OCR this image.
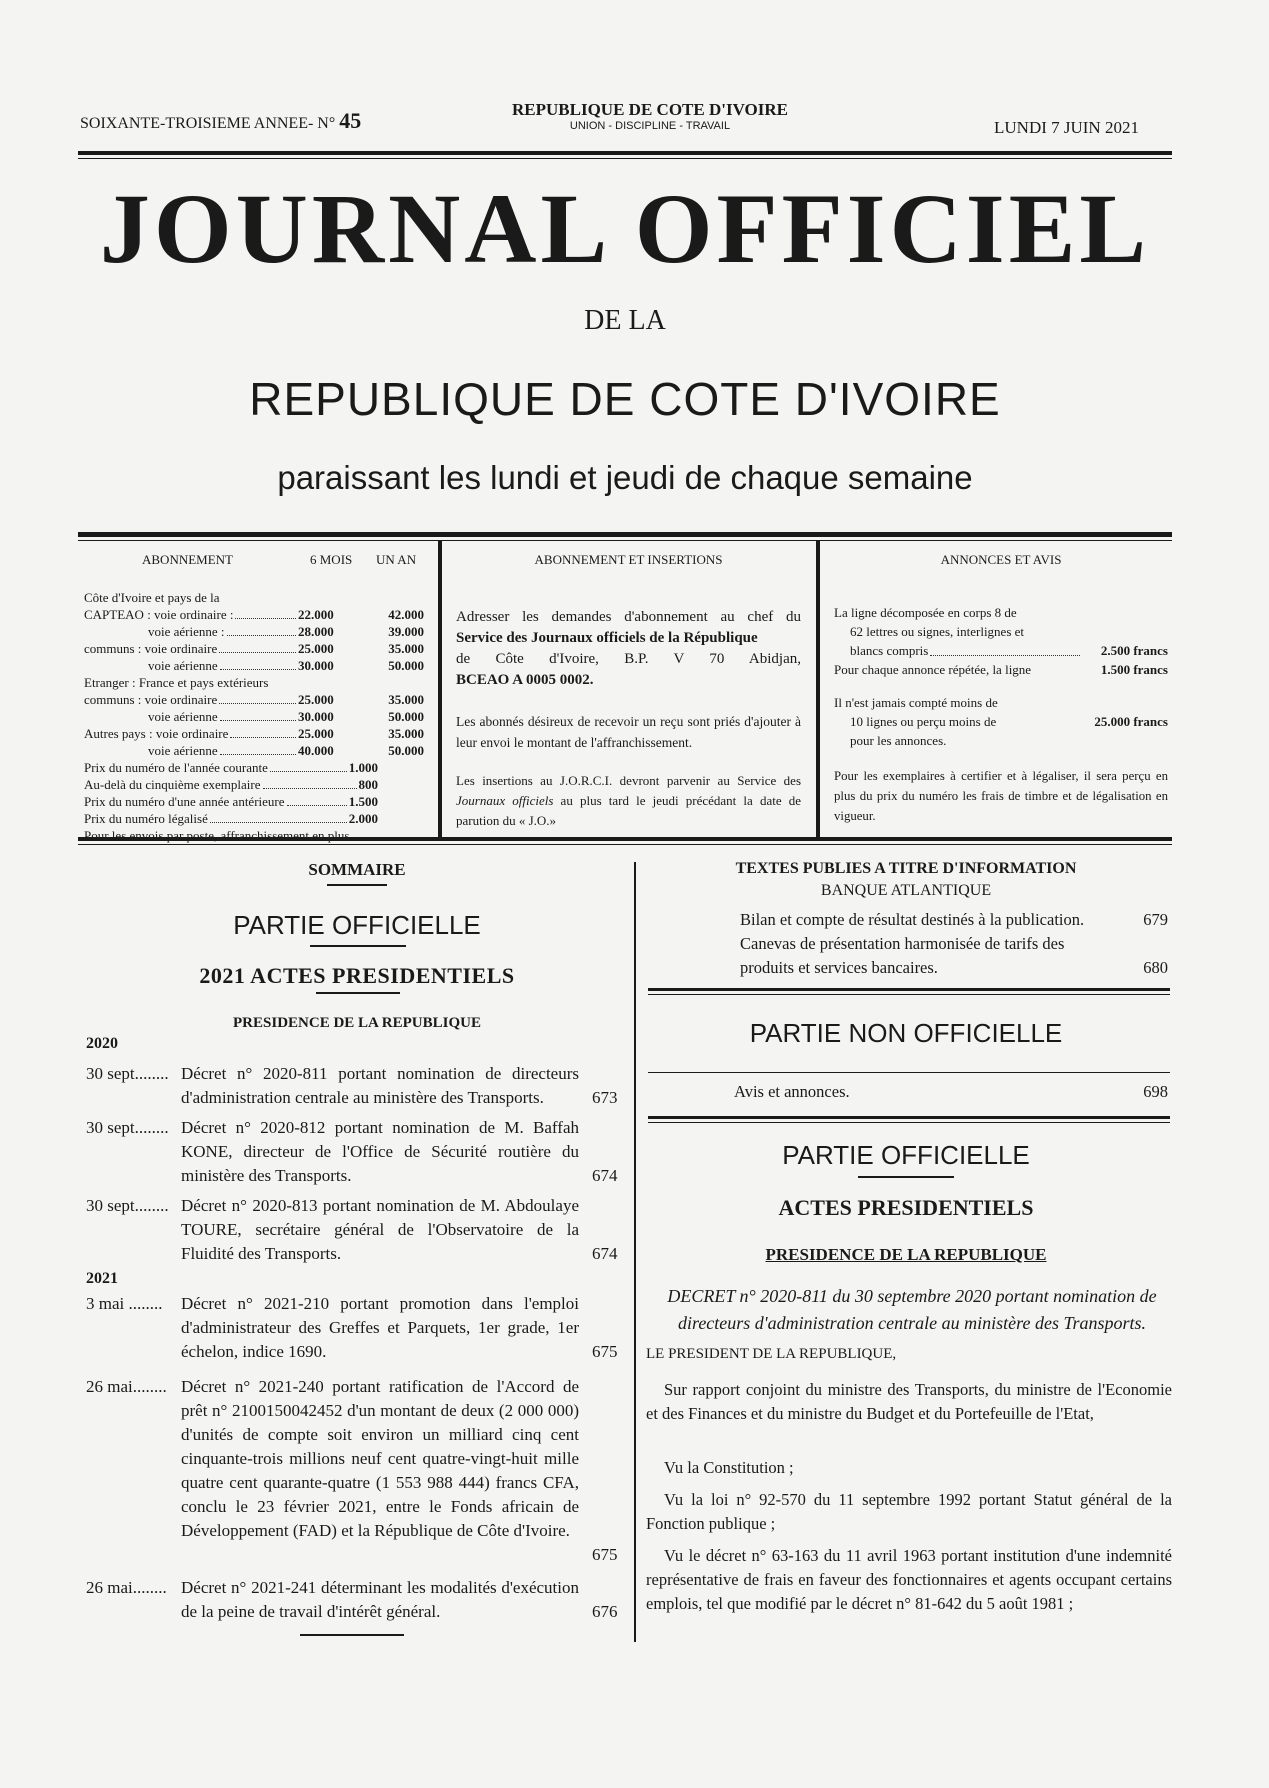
SOIXANTE-TROISIEME ANNEE- N° 45	REPUBLIQUE DE COTE D'IVOIRE
UNION - DISCIPLINE - TRAVAIL	LUNDI 7 JUIN 2021
JOURNAL OFFICIEL
DE LA
REPUBLIQUE DE COTE D'IVOIRE
paraissant les lundi et jeudi de chaque semaine
ABONNEMENT	6 MOIS UN AN
Côte d'Ivoire et pays de la
CAPTEAO : voie ordinaire :	22.000	42.000
voie aérienne :	28.000	39.000
communs : voie ordinaire	25.000	35.000
voie aérienne	30.000	50.000
Etranger : France et pays extérieurs
communs : voie ordinaire	25.000	35.000
voie aérienne	30.000	50.000
Autres pays : voie ordinaire	25.000	35.000
voie aérienne	40.000	50.000
Prix du numéro de l'année courante	1.000
Au-delà du cinquième exemplaire	800
Prix du numéro d'une année antérieure	1.500
Prix du numéro légalisé	2.000
Pour les envois par poste, affranchissement en plus.
ABONNEMENT ET INSERTIONS
Adresser les demandes d'abonnement au chef du
Service des Journaux officiels de la République
de Côte d'Ivoire, B.P. V 70 Abidjan,
BCEAO A 0005 0002.
Les abonnés désireux de recevoir un reçu sont priés d'ajouter à leur envoi le montant de l'affranchissement.
Les insertions au J.O.R.C.I. devront parvenir au Service des Journaux officiels au plus tard le jeudi précédant la date de parution du « J.O.»
ANNONCES ET AVIS
La ligne décomposée en corps 8 de
62 lettres ou signes, interlignes et
blancs compris	2.500 francs
Pour chaque annonce répétée, la ligne	1.500 francs
Il n'est jamais compté moins de
10 lignes ou perçu moins de	25.000 francs
pour les annonces.
Pour les exemplaires à certifier et à légaliser, il sera perçu en plus du prix du numéro les frais de timbre et de légalisation en vigueur.
SOMMAIRE
PARTIE OFFICIELLE
2021 ACTES PRESIDENTIELS
PRESIDENCE DE LA REPUBLIQUE
2020
30 sept........ Décret n° 2020-811 portant nomination de directeurs d'administration centrale au ministère des Transports.	673
30 sept........ Décret n° 2020-812 portant nomination de M. Baffah KONE, directeur de l'Office de Sécurité routière du ministère des Transports.	674
30 sept........ Décret n° 2020-813 portant nomination de M. Abdoulaye TOURE, secrétaire général de l'Observatoire de la Fluidité des Transports.	674
2021
3 mai ........	Décret n° 2021-210 portant promotion dans l'emploi d'administrateur des Greffes et Parquets, 1er grade, 1er échelon, indice 1690.	675
26 mai........ Décret n° 2021-240 portant ratification de l'Accord de prêt n° 2100150042452 d'un montant de deux (2 000 000) d'unités de compte soit environ un milliard cinq cent cinquante-trois millions neuf cent quatre-vingt-huit mille quatre cent quarante-quatre (1 553 988 444) francs CFA, conclu le 23 février 2021, entre le Fonds africain de Développement (FAD) et la République de Côte d'Ivoire.
675
26 mai........ Décret n° 2021-241 déterminant les modalités d'exécution de la peine de travail d'intérêt général.	676
TEXTES PUBLIES A TITRE D'INFORMATION
BANQUE ATLANTIQUE
Bilan et compte de résultat destinés à la publication.	679
Canevas de présentation harmonisée de tarifs des
produits et services bancaires.	680
PARTIE NON OFFICIELLE
Avis et annonces.	698
PARTIE OFFICIELLE
ACTES PRESIDENTIELS
PRESIDENCE DE LA REPUBLIQUE
DECRET n° 2020-811 du 30 septembre 2020 portant nomination de directeurs d'administration centrale au ministère des Transports.
LE PRESIDENT DE LA REPUBLIQUE,
Sur rapport conjoint du ministre des Transports, du ministre de l'Economie et des Finances et du ministre du Budget et du Portefeuille de l'Etat,
Vu la Constitution ;
Vu la loi n° 92-570 du 11 septembre 1992 portant Statut général de la Fonction publique ;
Vu le décret n° 63-163 du 11 avril 1963 portant institution d'une indemnité représentative de frais en faveur des fonctionnaires et agents occupant certains emplois, tel que modifié par le décret n° 81-642 du 5 août 1981 ;
